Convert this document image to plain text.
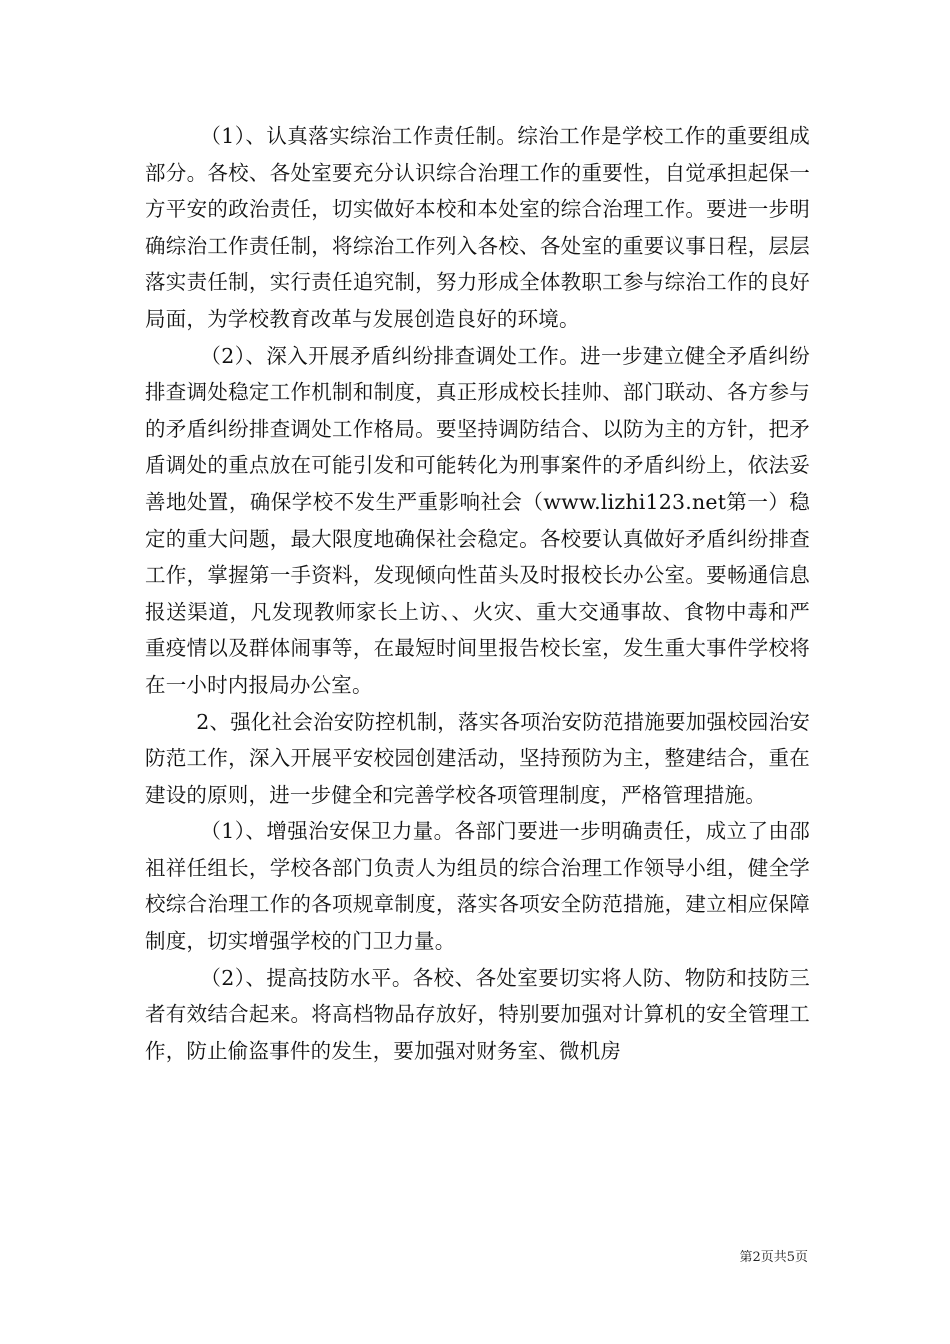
（1）、认真落实综治工作责任制。综治工作是学校工作的重要组成部分。各校、各处室要充分认识综合治理工作的重要性，自觉承担起保一方平安的政治责任，切实做好本校和本处室的综合治理工作。要进一步明确综治工作责任制，将综治工作列入各校、各处室的重要议事日程，层层落实责任制，实行责任追究制，努力形成全体教职工参与综治工作的良好局面，为学校教育改革与发展创造良好的环境。

（2）、深入开展矛盾纠纷排查调处工作。进一步建立健全矛盾纠纷排查调处稳定工作机制和制度，真正形成校长挂帅、部门联动、各方参与的矛盾纠纷排查调处工作格局。要坚持调防结合、以防为主的方针，把矛盾调处的重点放在可能引发和可能转化为刑事案件的矛盾纠纷上，依法妥善地处置，确保学校不发生严重影响社会（www.lizhi123.net第一）稳定的重大问题，最大限度地确保社会稳定。各校要认真做好矛盾纠纷排查工作，掌握第一手资料，发现倾向性苗头及时报校长办公室。要畅通信息报送渠道，凡发现教师家长上访、、火灾、重大交通事故、食物中毒和严重疫情以及群体闹事等，在最短时间里报告校长室，发生重大事件学校将在一小时内报局办公室。

2、强化社会治安防控机制，落实各项治安防范措施要加强校园治安防范工作，深入开展平安校园创建活动，坚持预防为主，整建结合，重在建设的原则，进一步健全和完善学校各项管理制度，严格管理措施。

（1）、增强治安保卫力量。各部门要进一步明确责任，成立了由邵祖祥任组长，学校各部门负责人为组员的综合治理工作领导小组，健全学校综合治理工作的各项规章制度，落实各项安全防范措施，建立相应保障制度，切实增强学校的门卫力量。

（2）、提高技防水平。各校、各处室要切实将人防、物防和技防三者有效结合起来。将高档物品存放好，特别要加强对计算机的安全管理工作，防止偷盗事件的发生，要加强对财务室、微机房

第2页共5页
